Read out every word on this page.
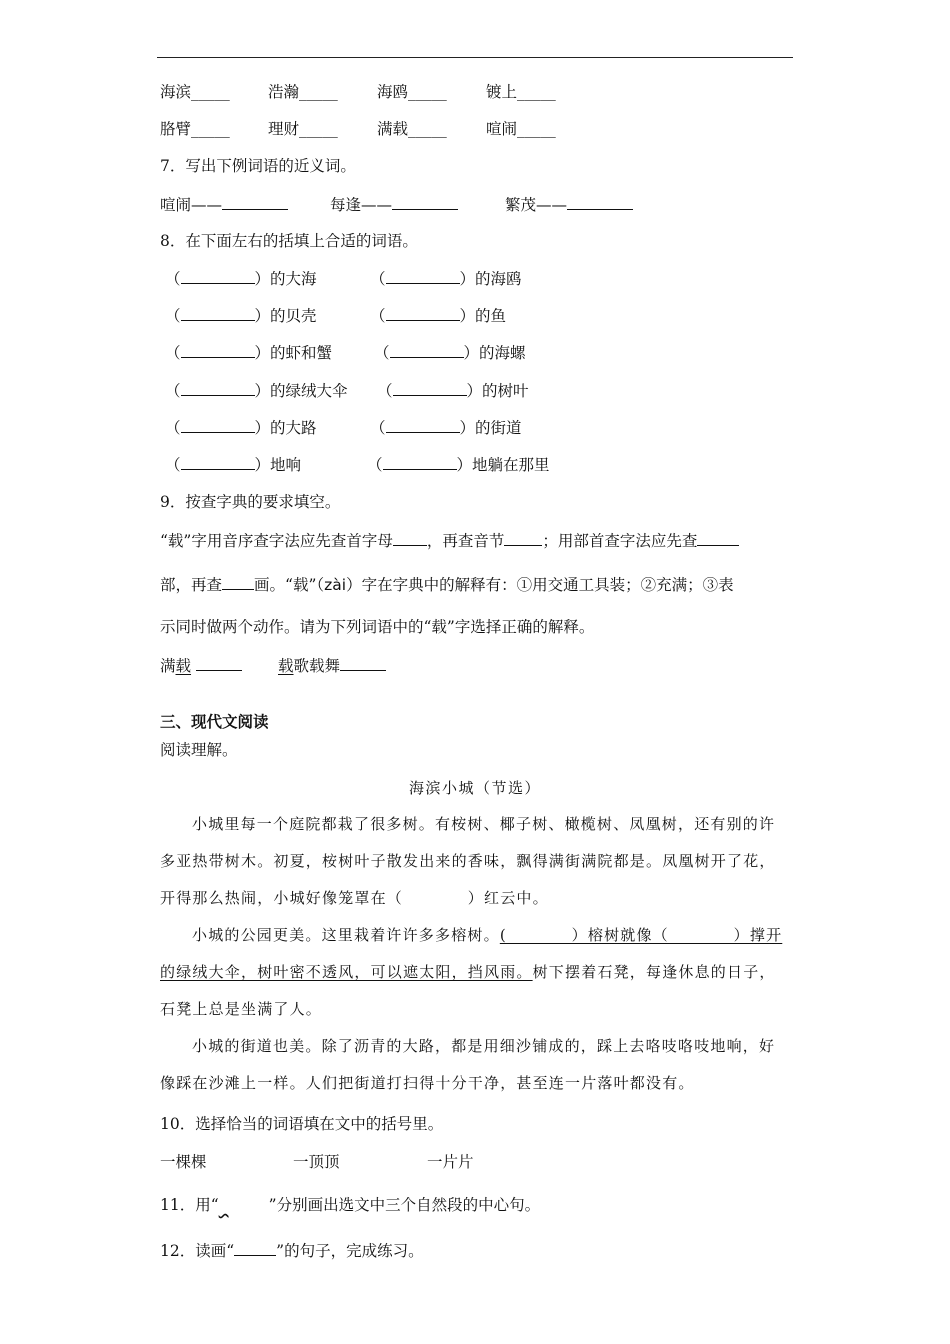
海滨_____ 浩瀚_____	海鸥_____	镀上_____
胳臂_____ 理财_____	满载_____	喧闹_____
7．写出下例词语的近义词。
喧闹——	每逢——	繁茂——
8．在下面左右的括填上合适的词语。
（	）的大海	（	）的海鸥
（	）的贝壳	（	）的鱼
（	）的虾和蟹	（	）的海螺
（	）的绿绒大伞 （	）的树叶
（	）的大路	（	）的街道
（	）地响	（	）地躺在那里
9．按查字典的要求填空。
“载”字用音序查字法应先查首字母 ，再查音节 ；用部首查字法应先查
部，再查 画。“载”（zài）字在字典中的解释有：①用交通工具装；②充满；③表
示同时做两个动作。请为下列词语中的“载”字选择正确的解释。
满载	载歌载舞
三、现代文阅读
阅读理解。
海滨小城（节选）

小城里每一个庭院都栽了很多树。有桉树、椰子树、橄榄树、凤凰树，还有别的许多亚热带树木。初夏，桉树叶子散发出来的香味，飘得满街满院都是。凤凰树开了花，开得那么热闹，小城好像笼罩在（　　　　）红云中。

小城的公园更美。这里栽着许许多多榕树。(　　　　）榕树就像（　　　　）撑开的绿绒大伞，树叶密不透风，可以遮太阳，挡风雨。树下摆着石凳，每逢休息的日子，石凳上总是坐满了人。

小城的街道也美。除了沥青的大路，都是用细沙铺成的，踩上去咯吱咯吱地响，好像踩在沙滩上一样。人们把街道打扫得十分干净，甚至连一片落叶都没有。

10．选择恰当的词语填在文中的括号里。
一棵棵	一顶顶	一片片
11．用“ 	”分别画出选文中三个自然段的中心句。
12．读画“	”的句子，完成练习。
